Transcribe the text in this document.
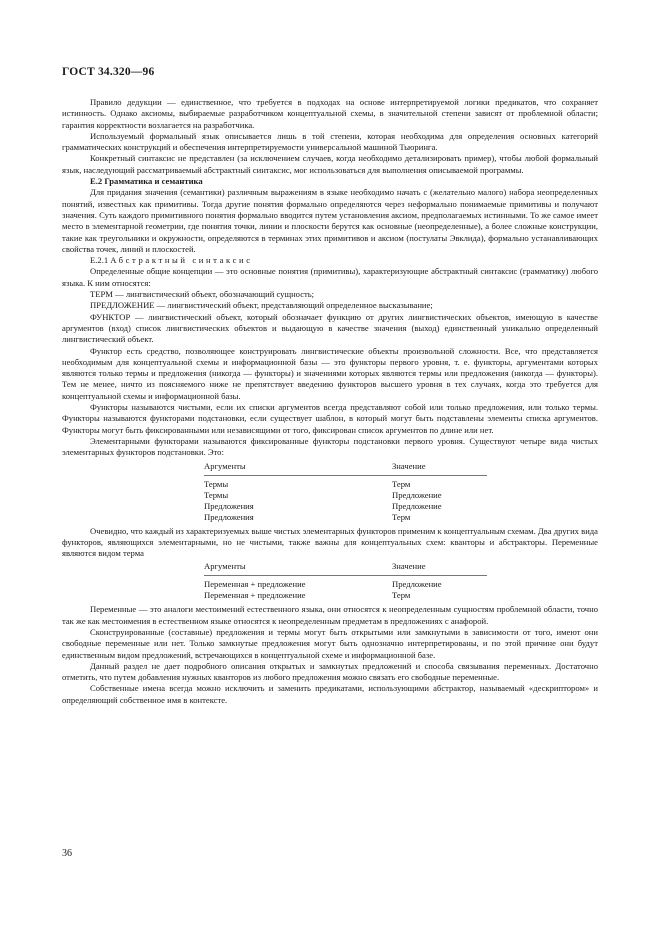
ГОСТ 34.320—96

Правило дедукции — единственное, что требуется в подходах на основе интерпретируемой логики предикатов, что сохраняет истинность. Однако аксиомы, выбираемые разработчиком концептуальной схемы, в значительной степени зависят от проблемной области; гарантия корректности возлагается на разработчика.

Используемый формальный язык описывается лишь в той степени, которая необходима для определения основных категорий грамматических конструкций и обеспечения интерпретируемости универсальной машиной Тьюринга.

Конкретный синтаксис не представлен (за исключением случаев, когда необходимо детализировать пример), чтобы любой формальный язык, наследующий рассматриваемый абстрактный синтаксис, мог использоваться для выполнения описываемой программы.

Е.2 Грамматика и семантика

Для придания значения (семантики) различным выражениям в языке необходимо начать с (желательно малого) набора неопределенных понятий, известных как примитивы. Тогда другие понятия формально определяются через неформально понимаемые примитивы и получают значения. Суть каждого примитивного понятия формально вводится путем установления аксиом, предполагаемых истинными. То же самое имеет место в элементарной геометрии, где понятия точки, линии и плоскости берутся как основные (неопределенные), а более сложные конструкции, такие как треугольники и окружности, определяются в терминах этих примитивов и аксиом (постулаты Эвклида), формально устанавливающих свойства точек, линий и плоскостей.

Е.2.1 Абстрактный синтаксис

Определенные общие концепции — это основные понятия (примитивы), характеризующие абстрактный синтаксис (грамматику) любого языка. К ним относятся:

ТЕРМ — лингвистический объект, обозначающий сущность;

ПРЕДЛОЖЕНИЕ — лингвистический объект, представляющий определенное высказывание;

ФУНКТОР — лингвистический объект, который обозначает функцию от других лингвистических объектов, имеющую в качестве аргументов (вход) список лингвистических объектов и выдающую в качестве значения (выход) единственный уникально определенный лингвистический объект.

Функтор есть средство, позволяющее конструировать лингвистические объекты произвольной сложности. Все, что представляется необходимым для концептуальной схемы и информационной базы — это функторы первого уровня, т. е. функторы, аргументами которых являются только термы и предложения (никогда — функторы) и значениями которых являются термы или предложения (никогда — функторы). Тем не менее, ничто из поясняемого ниже не препятствует введению функторов высшего уровня в тех случаях, когда это требуется для концептуальной схемы и информационной базы.

Функторы называются чистыми, если их списки аргументов всегда представляют собой или только предложения, или только термы. Функторы называются функторами подстановки, если существует шаблон, в который могут быть подставлены элементы списка аргументов. Функторы могут быть фиксированными или независящими от того, фиксирован список аргументов по длине или нет.

Элементарными функторами называются фиксированные функторы подстановки первого уровня. Существуют четыре вида чистых элементарных функторов подстановки. Это:

Аргументы	Значение
Термы	Терм
Термы	Предложение
Предложения	Предложение
Предложения	Терм

Очевидно, что каждый из характеризуемых выше чистых элементарных функторов применим к концептуальным схемам. Два других вида функторов, являющихся элементарными, но не чистыми, также важны для концептуальных схем: кванторы и абстракторы. Переменные являются видом терма

Аргументы	Значение
Переменная + предложение	Предложение
Переменная + предложение	Терм

Переменные — это аналоги местоимений естественного языка, они относятся к неопределенным сущностям проблемной области, точно так же как местоимения в естественном языке относятся к неопределенным предметам в предложениях с анафорой.

Сконструированные (составные) предложения и термы могут быть открытыми или замкнутыми в зависимости от того, имеют они свободные переменные или нет. Только замкнутые предложения могут быть однозначно интерпретированы, и по этой причине они будут единственным видом предложений, встречающихся в концептуальной схеме и информационной базе.

Данный раздел не дает подробного описания открытых и замкнутых предложений и способа связывания переменных. Достаточно отметить, что путем добавления нужных кванторов из любого предложения можно связать его свободные переменные.

Собственные имена всегда можно исключить и заменить предикатами, использующими абстрактор, называемый «дескриптором» и определяющий собственное имя в контексте.

36
